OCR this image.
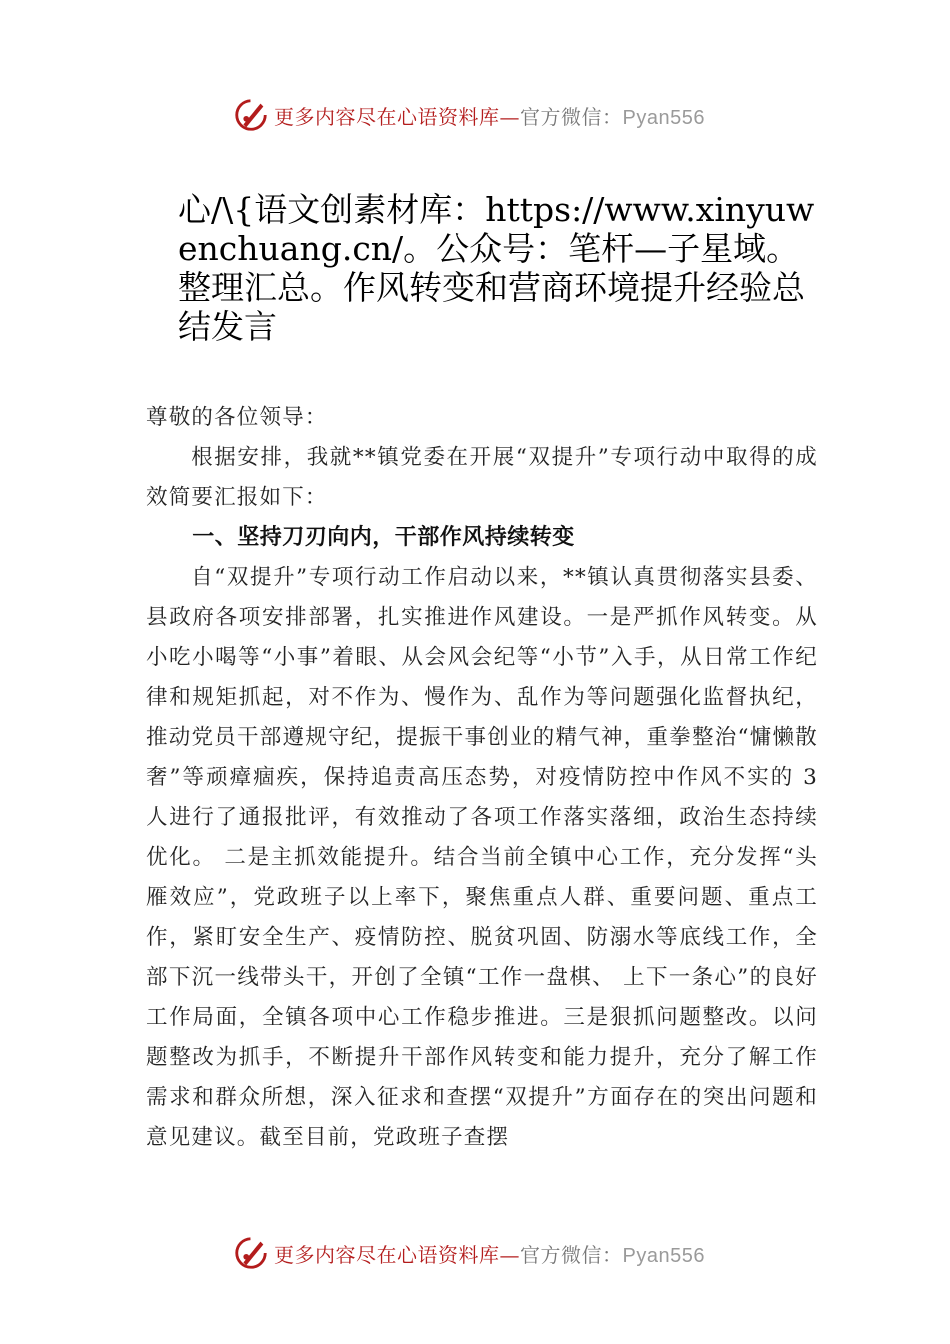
更多内容尽在心语资料库—官方微信：Pyan556
心/\{语文创素材库：https://www.xinyuwenchuang.cn/。公众号：笔杆—子星域。整理汇总。作风转变和营商环境提升经验总结发言

尊敬的各位领导：

根据安排，我就**镇党委在开展“双提升”专项行动中取得的成效简要汇报如下：

一、坚持刀刃向内，干部作风持续转变

自“双提升”专项行动工作启动以来，**镇认真贯彻落实县委、县政府各项安排部署，扎实推进作风建设。一是严抓作风转变。从小吃小喝等“小事”着眼、从会风会纪等“小节”入手，从日常工作纪律和规矩抓起，对不作为、慢作为、乱作为等问题强化监督执纪，推动党员干部遵规守纪，提振干事创业的精气神，重拳整治“慵懒散奢”等顽瘴痼疾，保持追责高压态势，对疫情防控中作风不实的 3 人进行了通报批评，有效推动了各项工作落实落细，政治生态持续优化。 二是主抓效能提升。结合当前全镇中心工作，充分发挥“头雁效应”，党政班子以上率下，聚焦重点人群、重要问题、重点工作，紧盯安全生产、疫情防控、脱贫巩固、防溺水等底线工作，全部下沉一线带头干，开创了全镇“工作一盘棋、 上下一条心”的良好工作局面，全镇各项中心工作稳步推进。三是狠抓问题整改。以问题整改为抓手，不断提升干部作风转变和能力提升，充分了解工作需求和群众所想，深入征求和查摆“双提升”方面存在的突出问题和意见建议。截至目前，党政班子查摆

更多内容尽在心语资料库—官方微信：Pyan556
